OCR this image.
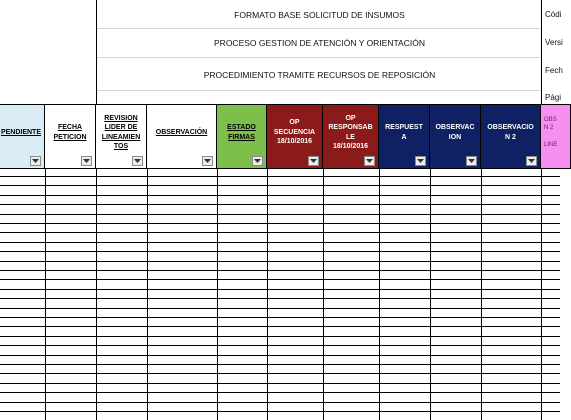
FORMATO BASE SOLICITUD DE INSUMOS
PROCESO GESTION DE ATENCIÓN Y ORIENTACIÓN
PROCEDIMIENTO TRAMITE RECURSOS DE REPOSICIÓN
Códi
Versi
Fech
Pági
PENDIENTE
FECHA
PETICION
REVISION
LIDER DE
LINEAMIEN
TOS
OBSERVACIÓN
ESTADO
FIRMAS
OP
SECUENCIA
18/10/2016
OP
RESPONSAB
LE
18/10/2016
RESPUEST
A
OBSERVAC
ION
OBSERVACIO
N 2
OBS
N 2

LINE
